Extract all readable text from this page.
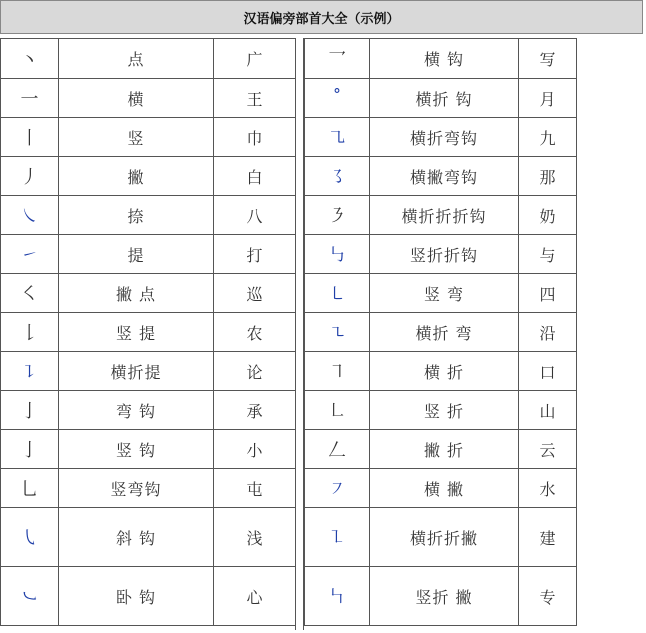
汉语偏旁部首大全（示例）
丶	点	广
一	横	王
丨	竖	巾
丿	撇	白
㇏	捺	八
㇀	提	打
㇛	撇 点	巡
𠄌	竖 提	农
㇊	横折提	论
亅	弯 钩	承
亅	竖 钩	小
乚	竖弯钩	屯
㇂	斜 钩	浅
㇃	卧 钩	心
乛	横 钩	写
˚	横折 钩	月
㇈	横折弯钩	九
㇌	横撇弯钩	那
㇋	横折折折钩	奶
㇉	竖折折钩	与
㇄	竖 弯	四
㇍	横折 弯	沿
㇕	横 折	口
㇗	竖 折	山
𠃋	撇 折	云
㇇	横 撇	水
㇅	横折折撇	建
㇞	竖折 撇	专
